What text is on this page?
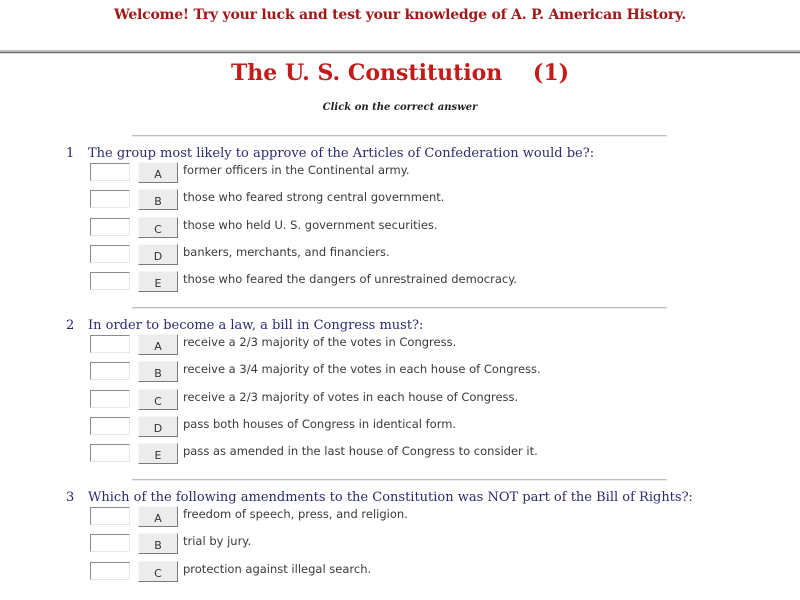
Welcome! Try your luck and test your knowledge of A. P. American History.
The U. S. Constitution    (1)
Click on the correct answer
1	The group most likely to approve of the Articles of Confederation would be?:
A	former officers in the Continental army.
B	those who feared strong central government.
C	those who held U. S. government securities.
D	bankers, merchants, and financiers.
E	those who feared the dangers of unrestrained democracy.
2	In order to become a law, a bill in Congress must?:
A	receive a 2/3 majority of the votes in Congress.
B	receive a 3/4 majority of the votes in each house of Congress.
C	receive a 2/3 majority of votes in each house of Congress.
D	pass both houses of Congress in identical form.
E	pass as amended in the last house of Congress to consider it.
3	Which of the following amendments to the Constitution was NOT part of the Bill of Rights?:
A	freedom of speech, press, and religion.
B	trial by jury.
C	protection against illegal search.
